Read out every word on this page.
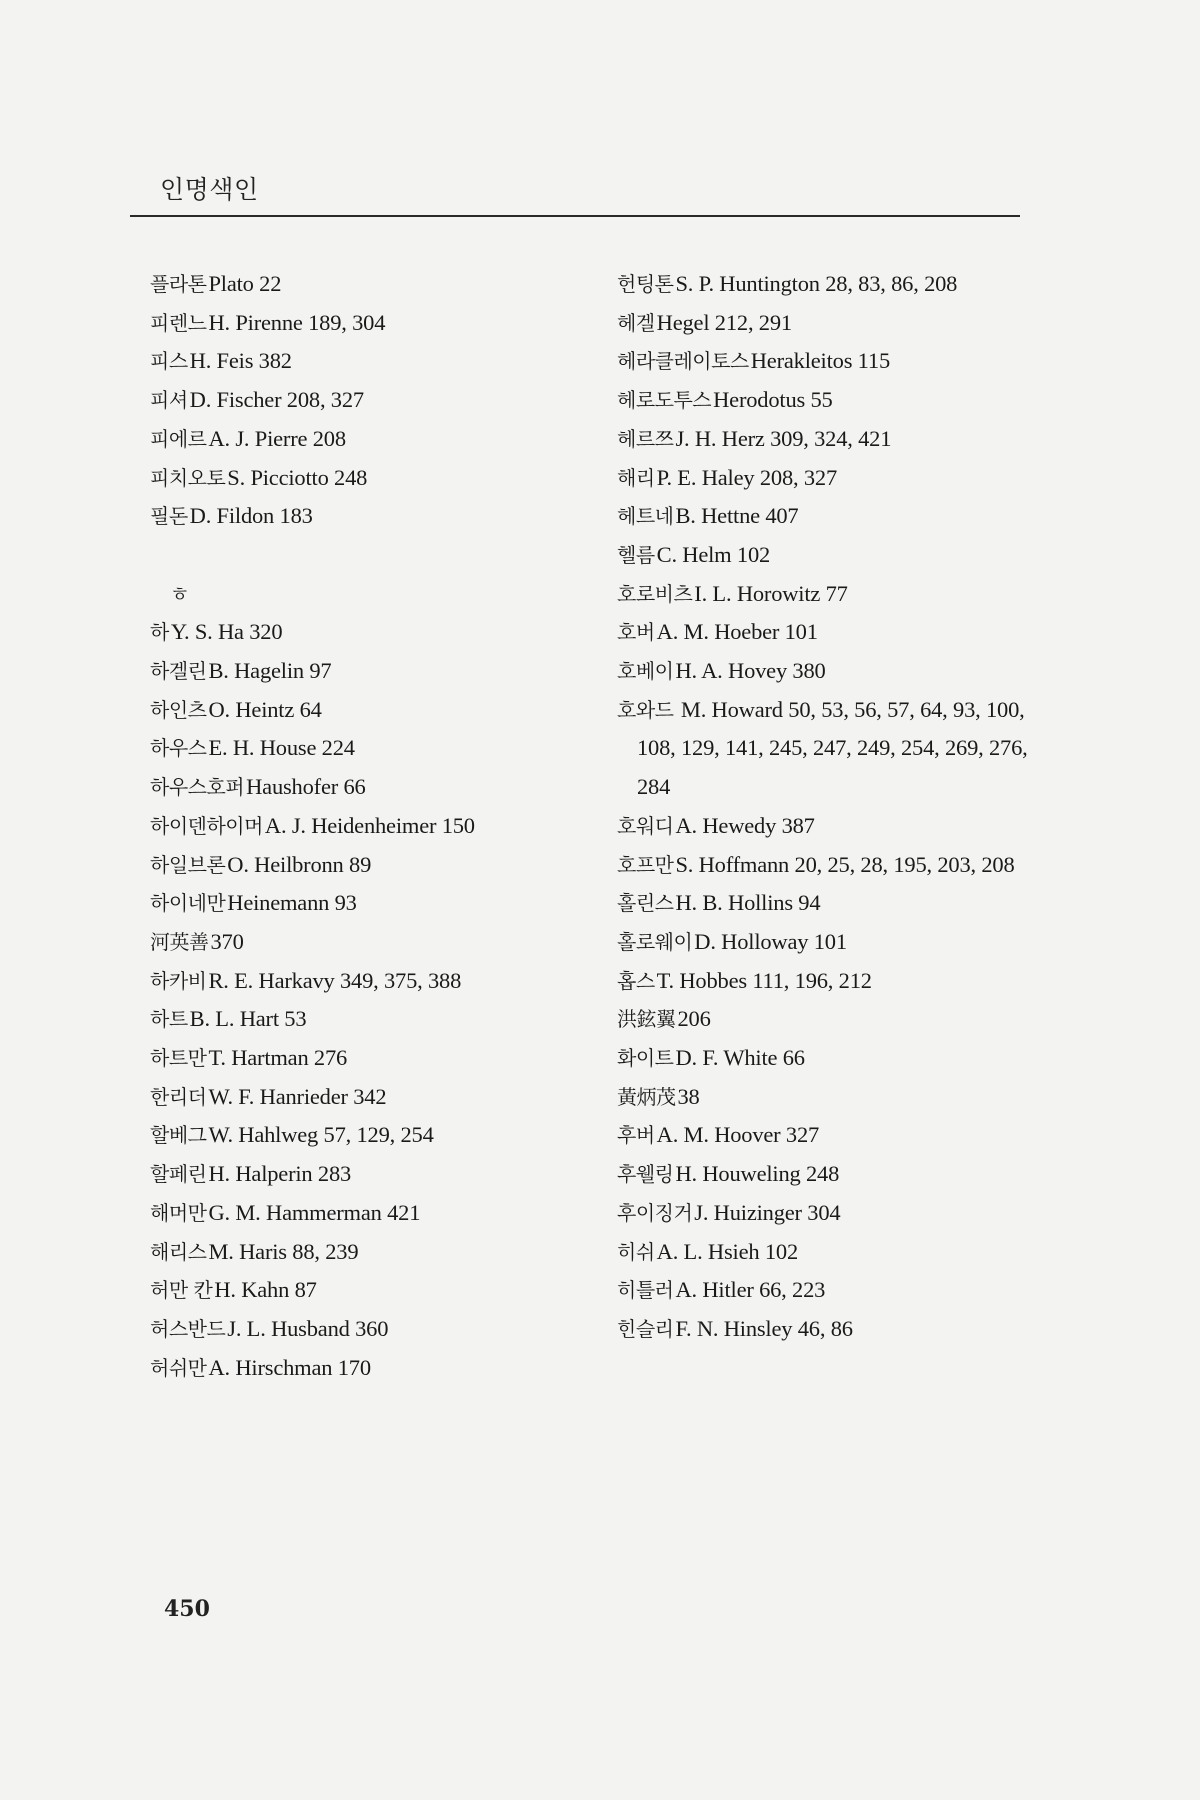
인명색인
플라톤Plato 22
피렌느H. Pirenne 189, 304
피스H. Feis 382
피셔D. Fischer 208, 327
피에르A. J. Pierre 208
피치오토S. Picciotto 248
필돈D. Fildon 183
ㅎ
하Y. S. Ha 320
하겔린B. Hagelin 97
하인츠O. Heintz 64
하우스E. H. House 224
하우스호퍼Haushofer 66
하이덴하이머A. J. Heidenheimer 150
하일브론O. Heilbronn 89
하이네만Heinemann 93
河英善370
하카비R. E. Harkavy 349, 375, 388
하트B. L. Hart 53
하트만T. Hartman 276
한리더W. F. Hanrieder 342
할베그W. Hahlweg 57, 129, 254
할페린H. Halperin 283
해머만G. M. Hammerman 421
해리스M. Haris 88, 239
허만 칸H. Kahn 87
허스반드J. L. Husband 360
허쉬만A. Hirschman 170
헌팅톤S. P. Huntington 28, 83, 86, 208
헤겔Hegel 212, 291
헤라클레이토스Herakleitos 115
헤로도투스Herodotus 55
헤르쯔J. H. Herz 309, 324, 421
해리P. E. Haley 208, 327
헤트네B. Hettne 407
헬름C. Helm 102
호로비츠I. L. Horowitz 77
호버A. M. Hoeber 101
호베이H. A. Hovey 380
호와드 M. Howard 50, 53, 56, 57, 64, 93, 100,
108, 129, 141, 245, 247, 249, 254, 269, 276,
284
호워디A. Hewedy 387
호프만S. Hoffmann 20, 25, 28, 195, 203, 208
홀린스H. B. Hollins 94
홀로웨이D. Holloway 101
홉스T. Hobbes 111, 196, 212
洪鉉翼206
화이트D. F. White 66
黃炳茂38
후버A. M. Hoover 327
후웰링H. Houweling 248
후이징거J. Huizinger 304
히쉬A. L. Hsieh 102
히틀러A. Hitler 66, 223
힌슬리F. N. Hinsley 46, 86
450
